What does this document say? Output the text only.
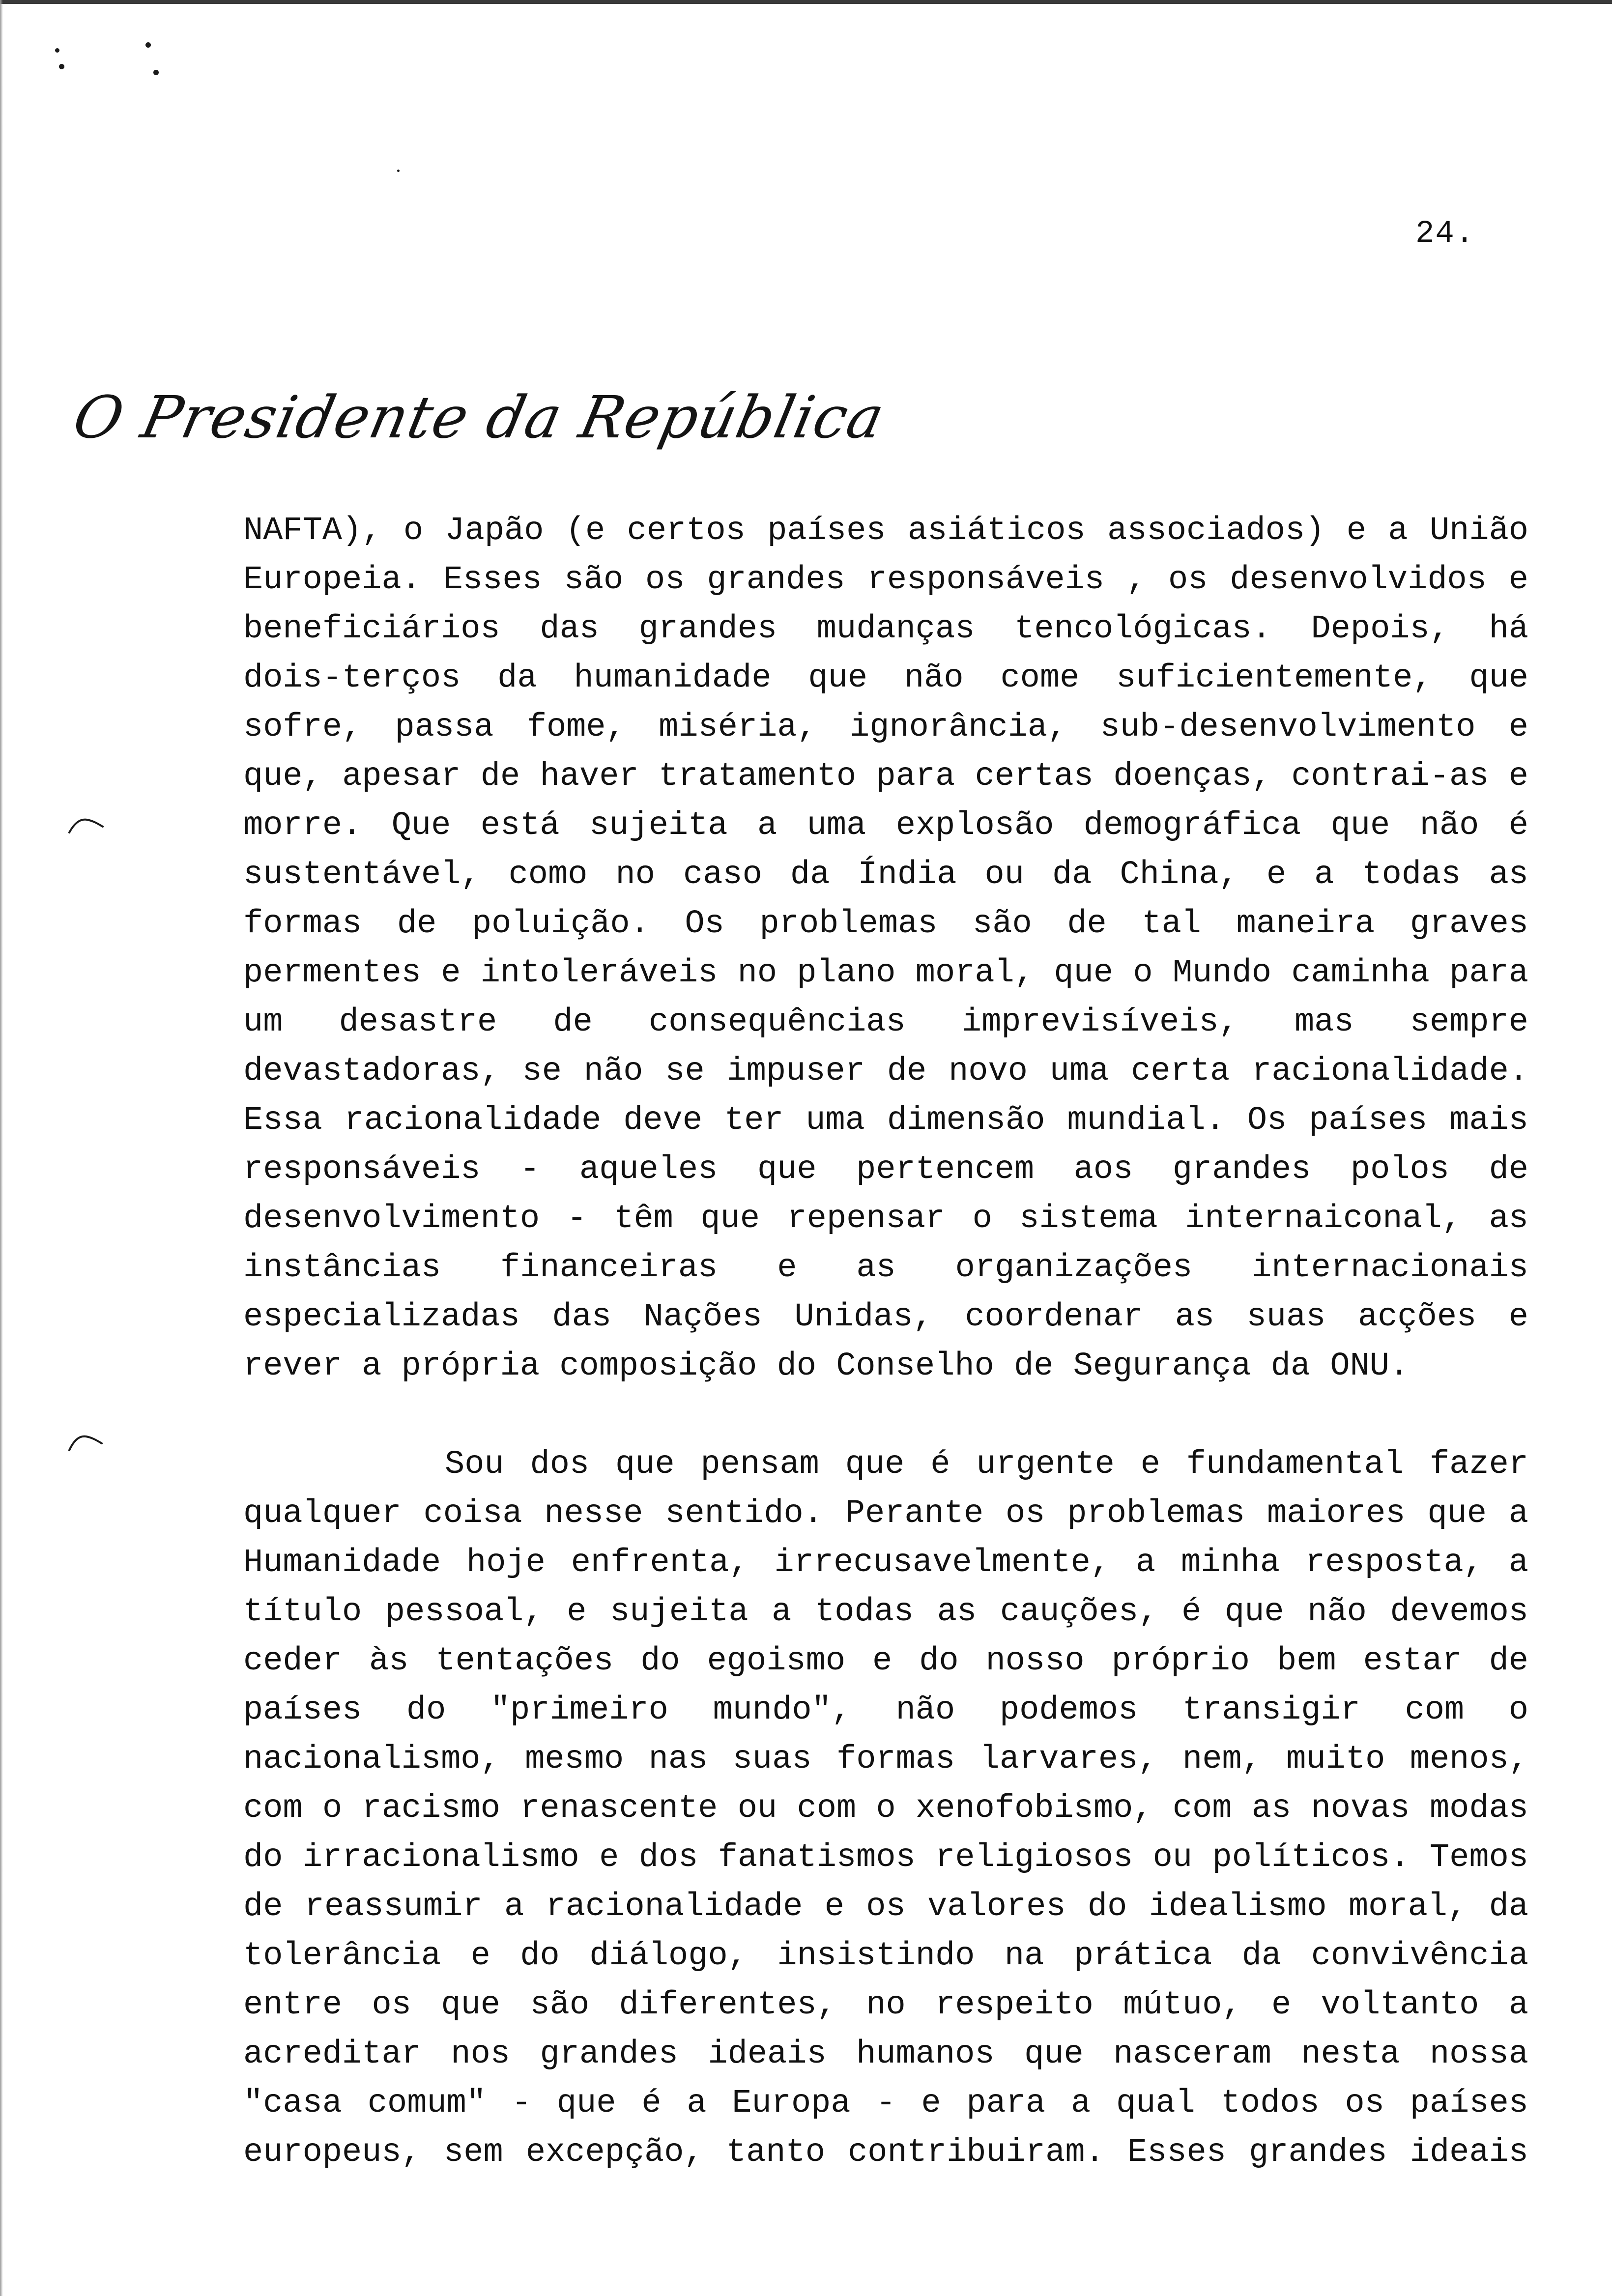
24.
O Presidente da República
NAFTA), o Japão (e certos países asiáticos associados) e a União
Europeia. Esses são os grandes responsáveis , os desenvolvidos e
beneficiários das grandes mudanças tencológicas. Depois, há
dois-terços da humanidade que não come suficientemente, que
sofre, passa fome, miséria, ignorância, sub-desenvolvimento e
que, apesar de haver tratamento para certas doenças, contrai-as e
morre. Que está sujeita a uma explosão demográfica que não é
sustentável, como no caso da Índia ou da China, e a todas as
formas de poluição. Os problemas são de tal maneira graves
permentes e intoleráveis no plano moral, que o Mundo caminha para
um desastre de consequências imprevisíveis, mas sempre
devastadoras, se não se impuser de novo uma certa racionalidade.
Essa racionalidade deve ter uma dimensão mundial. Os países mais
responsáveis - aqueles que pertencem aos grandes polos de
desenvolvimento - têm que repensar o sistema internaiconal, as
instâncias financeiras e as organizações internacionais
especializadas das Nações Unidas, coordenar as suas acções e
rever a própria composição do Conselho de Segurança da ONU.
Sou dos que pensam que é urgente e fundamental fazer
qualquer coisa nesse sentido. Perante os problemas maiores que a
Humanidade hoje enfrenta, irrecusavelmente, a minha resposta, a
título pessoal, e sujeita a todas as cauções, é que não devemos
ceder às tentações do egoismo e do nosso próprio bem estar de
países do "primeiro mundo", não podemos transigir com o
nacionalismo, mesmo nas suas formas larvares, nem, muito menos,
com o racismo renascente ou com o xenofobismo, com as novas modas
do irracionalismo e dos fanatismos religiosos ou políticos. Temos
de reassumir a racionalidade e os valores do idealismo moral, da
tolerância e do diálogo, insistindo na prática da convivência
entre os que são diferentes, no respeito mútuo, e voltanto a
acreditar nos grandes ideais humanos que nasceram nesta nossa
"casa comum" - que é a Europa - e para a qual todos os países
europeus, sem excepção, tanto contribuiram. Esses grandes ideais
